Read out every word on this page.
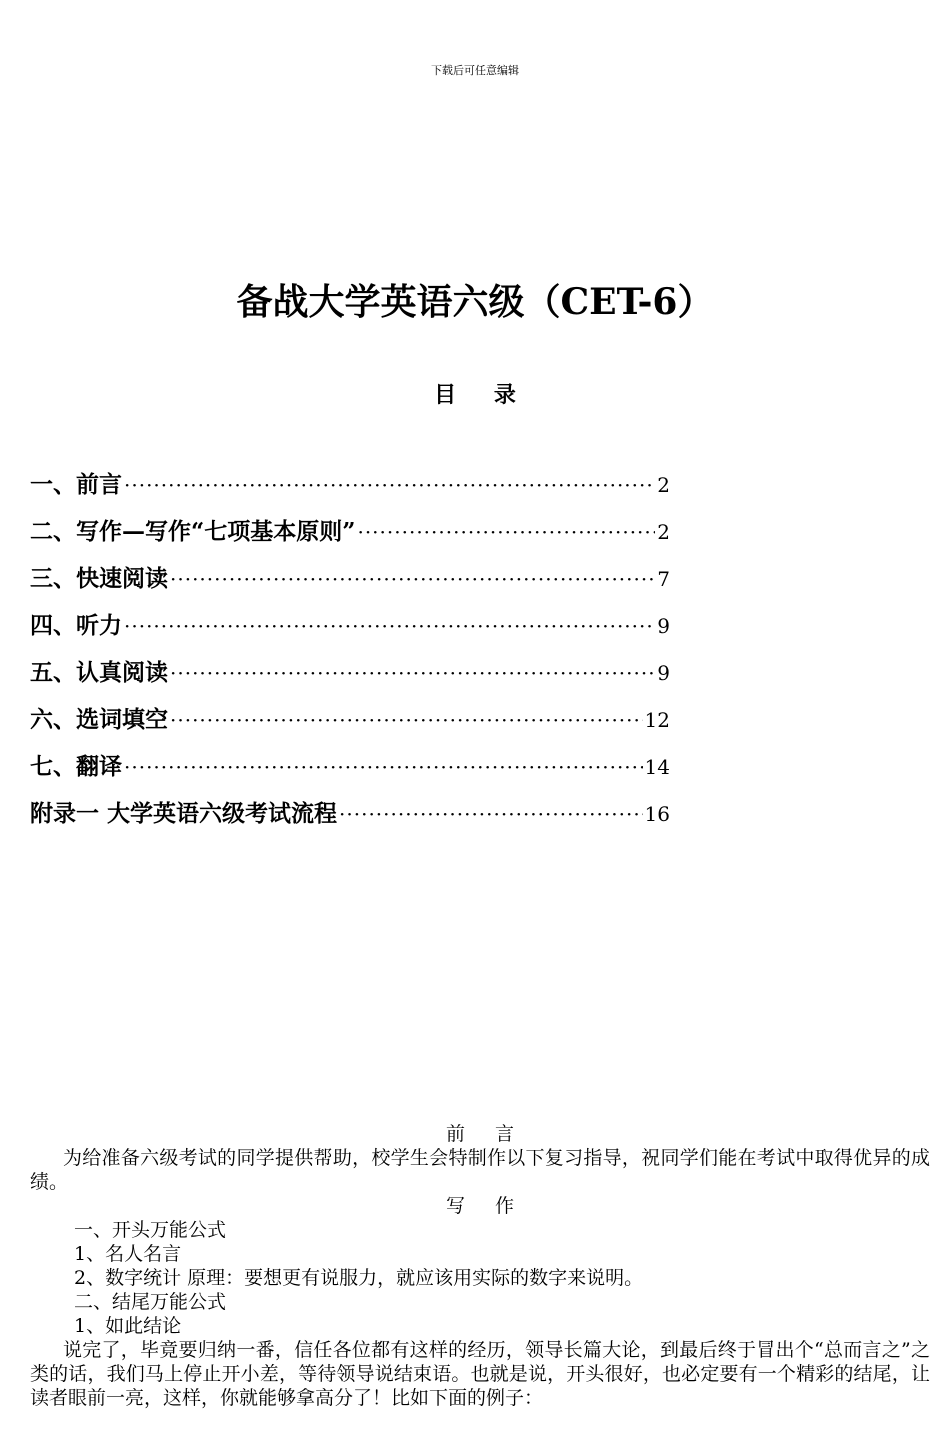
下载后可任意编辑
备战大学英语六级（CET-6）
目 录
一、前言 ·····	2
二、写作—写作“七项基本原则” ·····	2
三、快速阅读 ·····	7
四、听力 ·····	9
五、认真阅读 ·····	9
六、选词填空 ·····	12
七、翻译 ·····	14
附录一 大学英语六级考试流程 ·····	16
前 言

为给准备六级考试的同学提供帮助，校学生会特制作以下复习指导，祝同学们能在考试中取得优异的成绩。

写 作

一、开头万能公式

1、名人名言

2、数字统计 原理：要想更有说服力，就应该用实际的数字来说明。

二、结尾万能公式

1、如此结论

说完了，毕竟要归纳一番，信任各位都有这样的经历，领导长篇大论，到最后终于冒出个“总而言之”之类的话，我们马上停止开小差，等待领导说结束语。也就是说，开头很好，也必定要有一个精彩的结尾，让读者眼前一亮，这样，你就能够拿高分了！比如下面的例子：
